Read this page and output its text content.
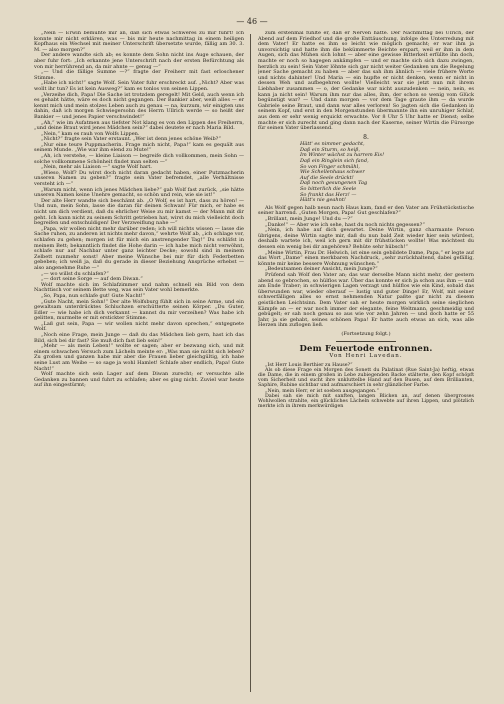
— 46 —

„Nein — Erwin bemühte mir an, daß sich etwas Schweres zu mir führt! Ich konnte mir nicht erklären, was — bis mir heute nachmittag in einem heiligen Kopfhaus ein Wechsel mit meiner Unterschrift übersetzte wurde, fällig am 30. 3. M. — also morgen?“

Der andere wandte sich ab; es konnte dem Sohn nicht ins Auge schauen, der aber fuhr fort: „Ich erkannte jene Unterschrift nach der ersten Befürchtung als von mir herrührend an, da mir ahnte — genug —“

„— Und die fällige Summe —?“ fragte der Freiherr mit fast erloschener Stimme.

„Habe ich nicht!“ sagte Wolf. Sein Vater fuhr erschreckt auf. „Nicht? Aber was wollt ihr tun? Es ist kein Ausweg?“ kam es tonlos von seinen Lippen.

„Verzeihe dich, Papa! Die Sache ist trotzdem geregelt! Mit Geld, auch wenn ich es gehabt hätte, wäre es doch nicht gegangen. Der Bankier aber, weiß alles — er kennt mich und mein stolzes Leben auch zu genau — na, kurzum, wir einigten uns dahin, daß ich morgen Schwiegersohn des Herrn Ullrich werde — so heißt der Bankier — und jenes Papier verschwindet!“

„Ah,“ wie im Aufatmen aus tiefster Not klang es von den Lippen des Freiherrn, „und deine Braut wird jenes Mädchen sein?“ dabei deutete er nach Maria Bild.

„Nein,“ kam es rauh von Wolfs Lippen.

„Nicht?“ fragte sein Vater erstaunt. „Wer ist denn jenes schöne Weib?“

„Nur eine teure Puppmacherin. Frage mich nicht, Papa!“ kam es gequält aus seinem Munde. „Wie war ihm elend zu Mute!“

„Ah, ich verstehe, — kleine Liaison — begreife dich vollkommen, mein Sohn — solche vollkommene Schönheit findet man selten —“

„Nein, mehr als Liaison —“ sagte Wolf hart.

„Wieso, Wolf? Du wirst doch nicht daran gedacht haben, einer Putzmacherin unseren Namen zu geben?“ fragte sein Vater befremdet, „alle Verhältnisse versteht ich —“

„Warum nicht, wenn ich jenes Mädchen liebe?“ gab Wolf fast zurück, „sie hätte unseren Namen keine Unehre gemacht, so schön und rein, wie sie ist!“

Der alte Herr wandte sich beschämt ab. „O Wolf, es ist hart, dass zu hören! — Und nun, mein Sohn, lasse die daran für deinen Schwan! Für mich, er habe es nicht um dich verdient, daß du ehrlicher Weise zu mir kamst — der Mann mit dir geht. Ich kann nicht zu seinem Schritt getrieben hat, wirst du mich vielleicht doch begreifen und entschuldigen! Der Verzweiflung nahe —“

„Papa, wir wollen nicht mehr darüber reden; ich will nichts wissen — lasse die Sache ruhen, zu anderen ist nichts mehr davon,“ wehrte Wolf ab, „ich schlage vor, schlafen zu gehen; morgen ist für mich ein anstrengender Tag!“ Du schläfst in meinem Bett; bekanntlich findet die Hohe darin — ich habe mich nicht verwöhnt, schlafe nur auf Nachbar unter ganz leichter Decke; sowohl sind in meinem Zelbett nunmehr sonst! Aber meine Wünsche bei mir für dich Federbetten gebeben; ich weiß ja, daß du gerade in dieser Beziehung Ansprüche erhebst — also angenehme Ruhe —“

„— wo willst du schlafen?“

„— dort seine Sorge — auf dem Diwan.“

Wolf machte sich im Schlafzimmer und nahm schnell ein Bild von dem Nachttisch vor seinem Bette weg, was sein Vater wohl bemerkte.

„So, Papa, nun schlafe gut! Gute Nacht!“

„Gute Nacht, mein Sohn!“ Der alte Wolfsburg fühlt sich in seine Arme, und ein gewaltsam unterdrücktes Schluchzen erschütterte seinen Körper. „Du Guter, Edler — wie habe ich dich verkannt — kannst du mir verzeihen? Was habe ich gelitten, murmelte er mit erstickter Stimme.

„Laß gut sein, Papa — wir wollen nicht mehr davon sprechen,“ entgegnete Wolf.

„Noch eine Frage, mein Junge — daß du das Mädchen lieb gern, hast ich das Bild, sich bei dir fast? Sie muß dich fast lieb sein!“

„Mehr — als mein Leben!“ wollte er sagen; aber er bezwang sich, und mit einem schwachen Versuch zum Lächeln meinte er: „Was man sie nicht sich leben? Zu großen und ganzen habe mir aber die Frauen lieber gleichgültig, ich habe seine Lust am Weibe — so sage ja wohl Hamlet! Schlafe aber endlich, Papa! Gute Nacht!“

Wolf machte sich sein Lager auf dem Diwan zurecht; er versuchte alle Gedanken zu bannen und fuhrt zu schlafen; aber es ging nicht. Zuviel war heute auf ihn eingestürmt;

zum erstenmal fühlte er, daß er Nerven hatte. Der Nachmittag bei Ulrich, der Abend auf dem Friedhof und die große Enttäuschung, infolge des Unterredung mit dem Vater! Er hatte es ihm so leicht wie möglich gemacht; er war ihm ja unvorsichtig und hatte ihm die bekümmerte Beichte erspart, weil er ihm in dem Augen, sich das Mühen sich lohnt — aber eine gewisse Bitterkeit erfüllte ihn doch, machte er noch so hagegen ankämpfen — und er machte sich sich dazu zwingen, herzlich zu sein! Sein Vater löhnte sich gar nicht weiter Gedanken um die Regelung jener Sache gemacht zu haben — aber das sah ihm ähnlich — viele frühere Worte und nichts dahinter! Und Maria — ein hupfte er nicht denken, wenn er nicht in dessen Weh und aufbegehren wollte! Vielleicht war sie jetzt nun mit ihrem Liebhaber zusammen — o, der Gedanke war nicht auszudenken — nein, nein, es kann ja nicht sein! Warum ihm nur das alles, ihm, der schon so wenig vom Glück begünstigt war? — Und dann morgen — vor dem Tage graute ihm — da wurde Gabriele seine Braut, und dann war alles verloren! So jagten sich die Gedanken in seinem Kopf, und erst in den Morgenstunden übermannte ihn ein unruhiger Schlaf, aus dem er sehr wenig erquickt erwachte. Vor 8 Uhr 5 Uhr hatte er Dienst; selbe machte er sich zurecht und ging dann nach der Kaserne, seiner Wirtin die Fürsorge für seinen Vater überlassend.

8.
Hätt' es nimmer gedacht,
Daß ein Sturm, so heiß,
Im Winter wächst zu harrem Eis!
Daß ein Ringlein sich fand,
So von Finger schmähl,
Wie Schellenhaus schwer
Auf die Seele drückt!
Daß noch gesungenen Tag
So bitterlich die Seele
So frankt das Herz! —
Hätt's nie geahnt!

Als Wolf gegen halb neun nach Haus kam, fand er den Vater am Frühstückstische seiner harrend. „Guten Morgen, Papa! Gut geschlafen?“

„Brillant, mein Junge! Und du —?“

„Danke!“ — Aber wie ich sehe, hast du noch nichts gegessen?“

„Nein, ich habe auf dich gewartet. Deine Wirtin, ganz charmante Person übrigens, deine Wirtin sagte mir, daß du nun bald Zeit wieder hier sein würdest, deshalb wartete ich, weil ich gern mit dir frühstücken wollte! Was möchtest du dessen ein wenig bei dir angehören? Behüte sehr hübsch!“

„Meine Wirtin, Frau Dr. Helwich, ist eine sein gebildete Dame, Papa,“ er legte auf das Wort „Dame“ einen merkbaren Nachdruck, „sehr zurückhaltend, dabei gefällig, könnte mir keine bessere Wohnung wünschen.“

„Bedeutsamen deiner Ansicht, mein Junge?“

Prüfend sah Wolf den Vater an; das war derselbe Mann nicht mehr, der gestern abend so gebrochen, so hülflos war. Über das konnte er sich ja schon aus ihm — und am Ende Traber; in schwierigen Lagen verzagt und hülflos wie ein Kind, sobald das überwunden war, wieder oberauf — lustig und guter Dinge! Er, Wolf, mit seiner schwerfälligen alles so ernst nehmenden Natur paßte gar nicht zu diesem geistlichen Leichtsinn. Dem Vater sah er heute morgen wirklich seine sieglichen Kämpfe an — er war noch immer der elegante, feine Weltmann, geschmeidig und gebügelt; er sah noch genau so aus wie vor zehn Jahren — und doch hatte er 55 Jahr, ja sie gehabt, seines schönen Papa! Er hatte auch etwas an sich, was alle Herzen ihm zuflogen ließ.

(Fortsetzung folgt.)
Dem Feuertode entronnen.
Von Henri Lavedan.

„Ist Herr Louis Berthier zu Hause?“

Als ob diese Frage ein Morgen des Sonett du Palatinat (Rue Saint-Ja) heftig, etwas die Dame, die in einem großen in Lebe zubiegenden Backe stälterte, den Kopf schöpft vom Sicherheit und sucht ihre unkluttelbe Hand auf den Busen, auf dem Brillianten, Saphire, Rubine sichtbar und aufmarschiert in sehr glänzlicher Farbe.

„Nein, mein Herr, er ist soeben ausgegangen.“

Dabei sah sie mich mit sanften, langen Blicken an, auf denen übergrosses Wohlwollen strahlte, ein glückliches Lächeln schwebte auf ihren Lippen, und plötzlich merkte ich in ihrem merkwürdigen
